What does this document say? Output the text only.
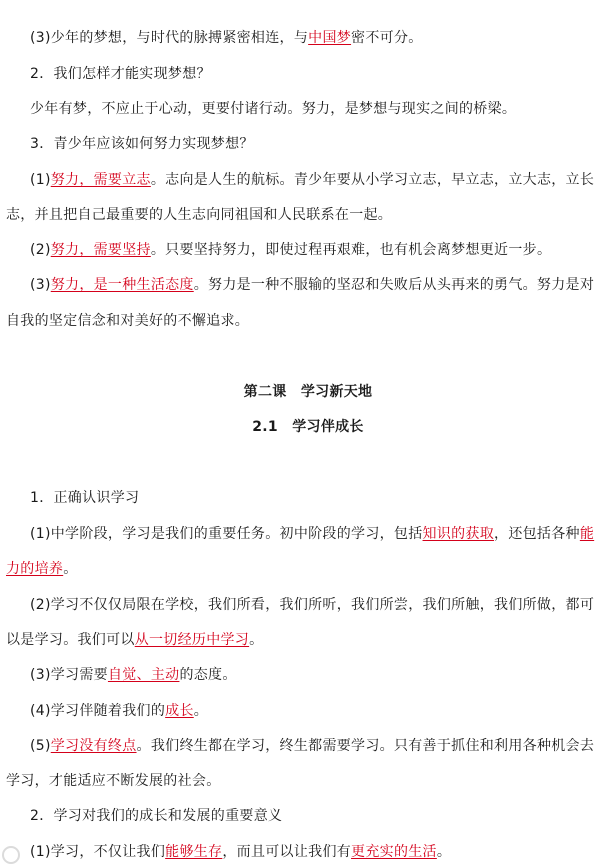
(3)少年的梦想，与时代的脉搏紧密相连，与中国梦密不可分。
2．我们怎样才能实现梦想？
少年有梦，不应止于心动，更要付诸行动。努力，是梦想与现实之间的桥梁。
3．青少年应该如何努力实现梦想？
(1)努力，需要立志。志向是人生的航标。青少年要从小学习立志，早立志，立大志，立长
志，并且把自己最重要的人生志向同祖国和人民联系在一起。
(2)努力，需要坚持。只要坚持努力，即使过程再艰难，也有机会离梦想更近一步。
(3)努力，是一种生活态度。努力是一种不服输的坚忍和失败后从头再来的勇气。努力是对
自我的坚定信念和对美好的不懈追求。
第二课　学习新天地
2.1　学习伴成长
1．正确认识学习
(1)中学阶段，学习是我们的重要任务。初中阶段的学习，包括知识的获取，还包括各种能
力的培养。
(2)学习不仅仅局限在学校，我们所看，我们所听，我们所尝，我们所触，我们所做，都可
以是学习。我们可以从一切经历中学习。
(3)学习需要自觉、主动的态度。
(4)学习伴随着我们的成长。
(5)学习没有终点。我们终生都在学习，终生都需要学习。只有善于抓住和利用各种机会去
学习，才能适应不断发展的社会。
2．学习对我们的成长和发展的重要意义
(1)学习，不仅让我们能够生存，而且可以让我们有更充实的生活。
